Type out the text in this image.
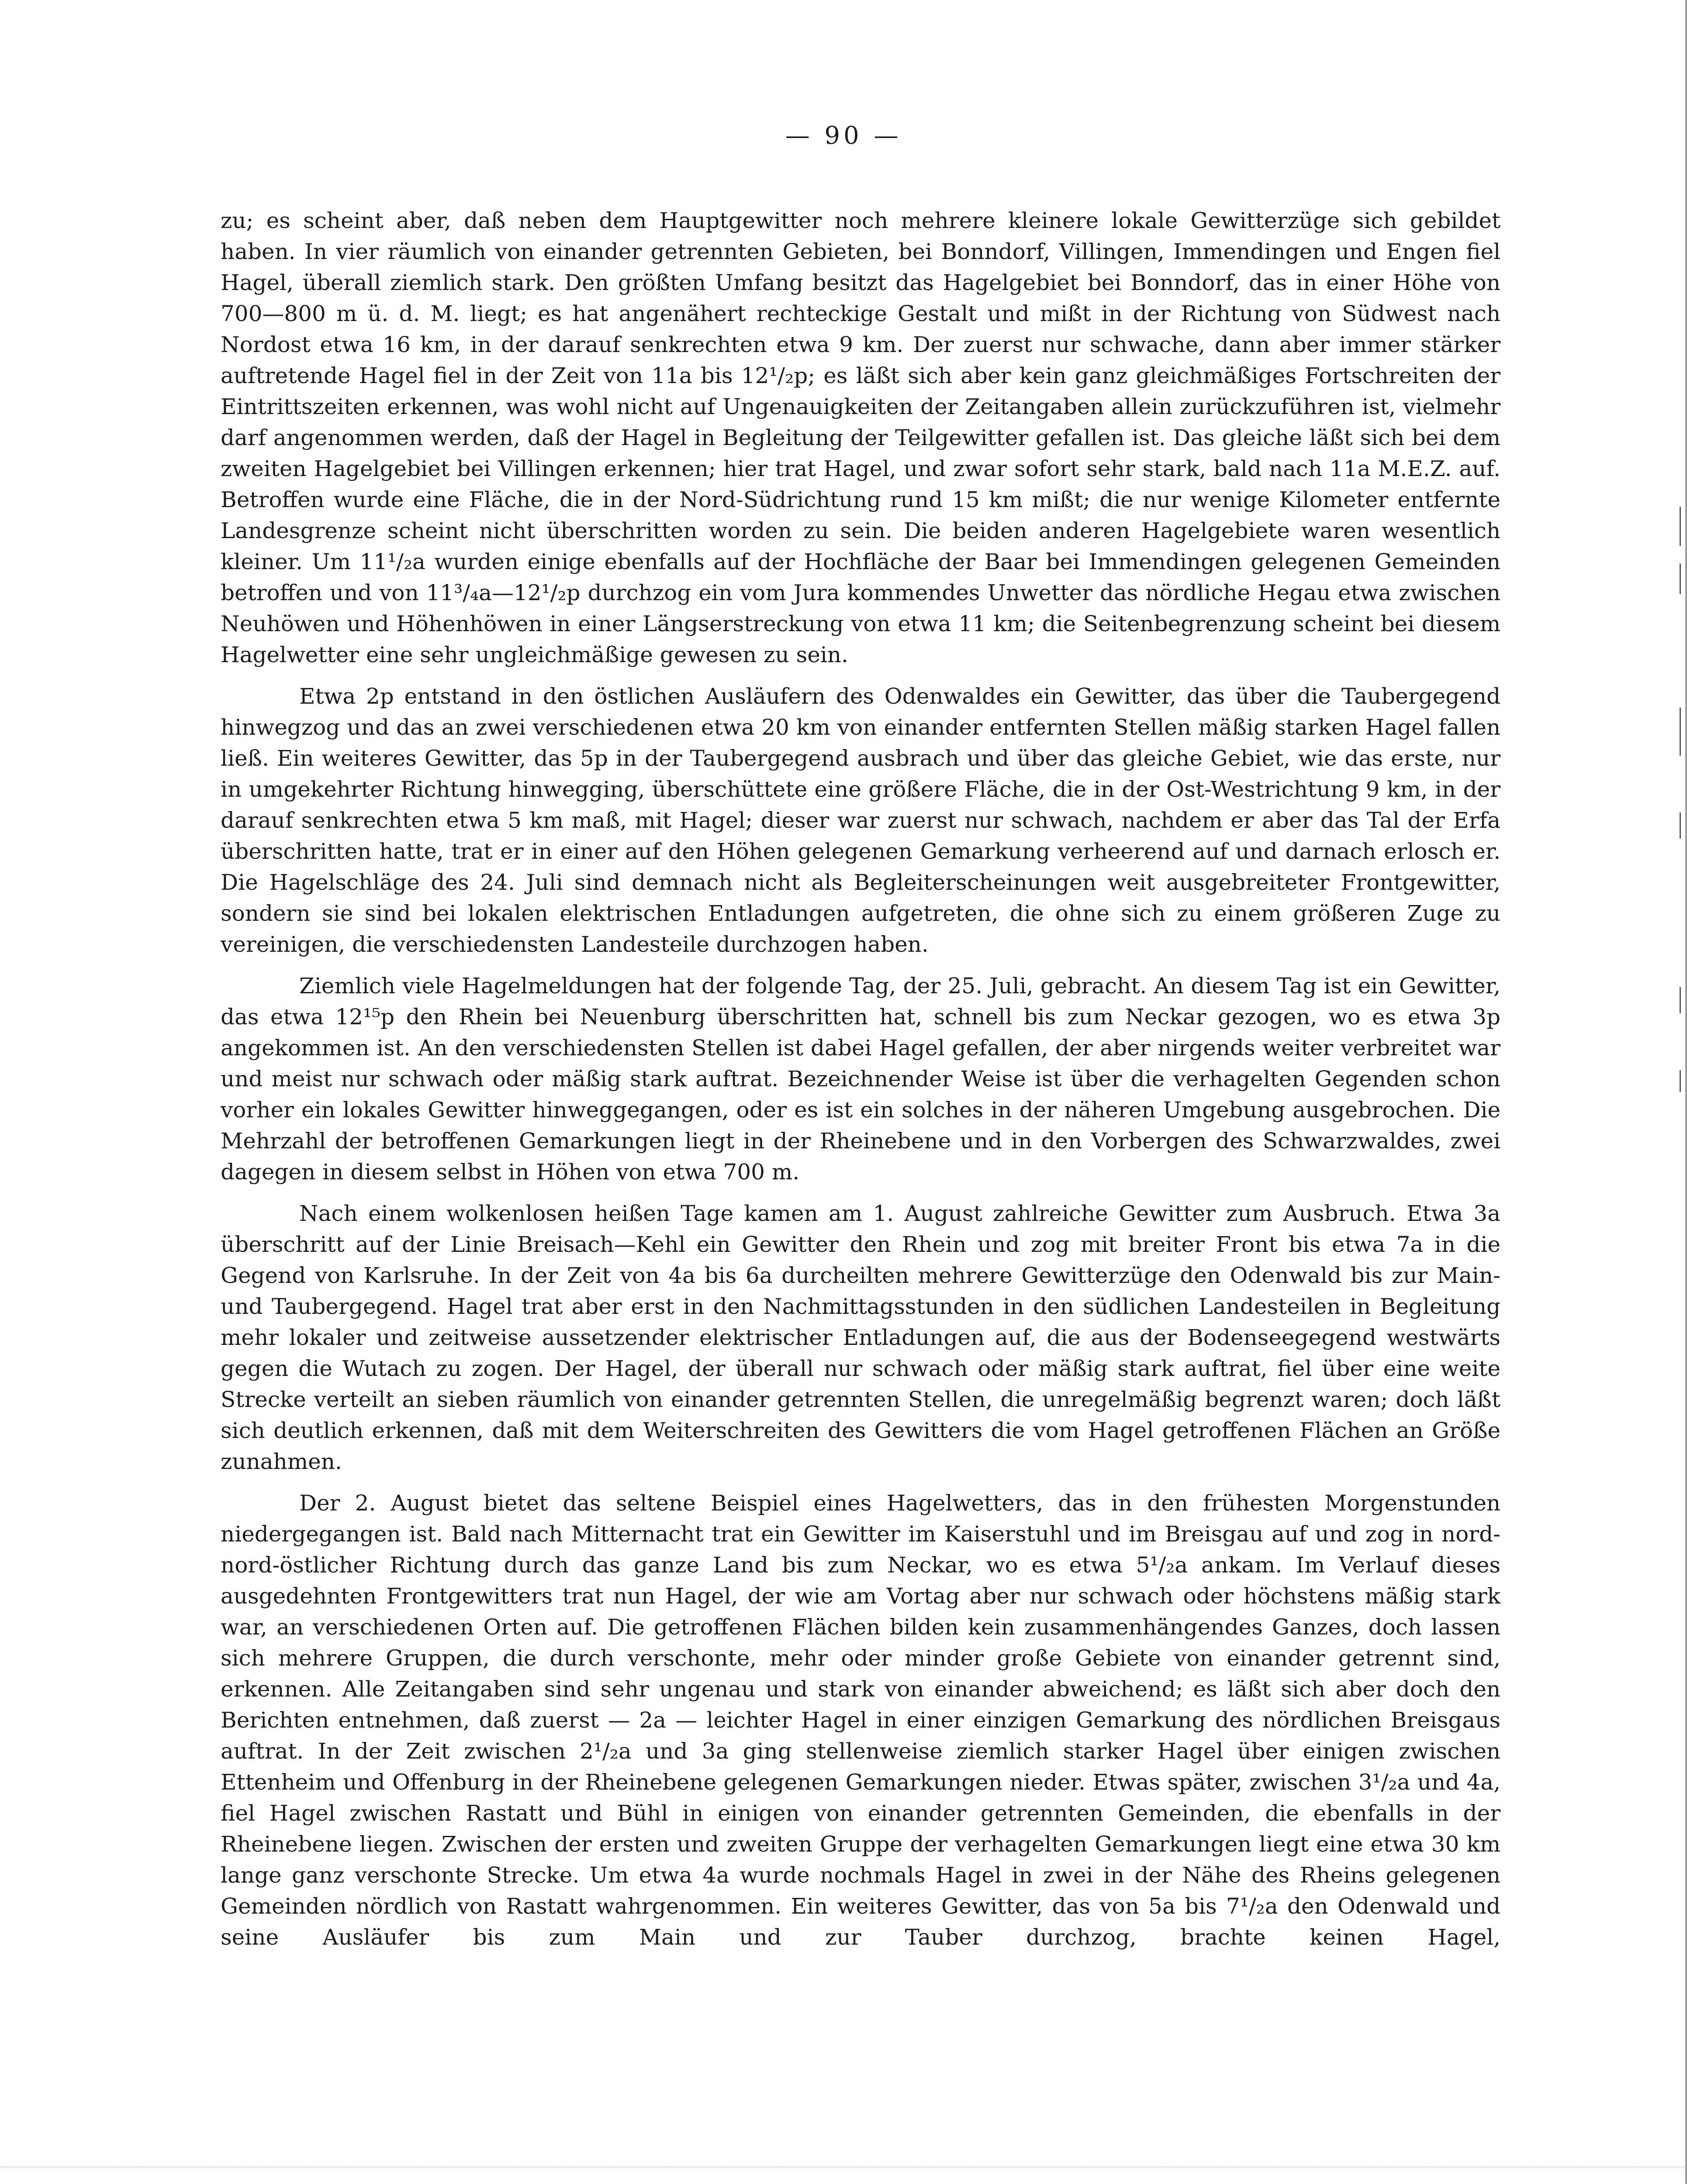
— 90 —

zu; es scheint aber, daß neben dem Hauptgewitter noch mehrere kleinere lokale Gewitterzüge sich gebildet haben. In vier räumlich von einander getrennten Gebieten, bei Bonndorf, Villingen, Immendingen und Engen fiel Hagel, überall ziemlich stark. Den größten Umfang besitzt das Hagelgebiet bei Bonndorf, das in einer Höhe von 700—800 m ü. d. M. liegt; es hat angenähert rechteckige Gestalt und mißt in der Richtung von Südwest nach Nordost etwa 16 km, in der darauf senkrechten etwa 9 km. Der zuerst nur schwache, dann aber immer stärker auftretende Hagel fiel in der Zeit von 11a bis 12¹/₂p; es läßt sich aber kein ganz gleichmäßiges Fortschreiten der Eintrittszeiten erkennen, was wohl nicht auf Ungenauigkeiten der Zeitangaben allein zurückzuführen ist, vielmehr darf angenommen werden, daß der Hagel in Begleitung der Teilgewitter gefallen ist. Das gleiche läßt sich bei dem zweiten Hagelgebiet bei Villingen erkennen; hier trat Hagel, und zwar sofort sehr stark, bald nach 11a M.E.Z. auf. Betroffen wurde eine Fläche, die in der Nord-Südrichtung rund 15 km mißt; die nur wenige Kilometer entfernte Landesgrenze scheint nicht überschritten worden zu sein. Die beiden anderen Hagelgebiete waren wesentlich kleiner. Um 11¹/₂a wurden einige ebenfalls auf der Hochfläche der Baar bei Immendingen gelegenen Gemeinden betroffen und von 11³/₄a—12¹/₂p durchzog ein vom Jura kommendes Unwetter das nördliche Hegau etwa zwischen Neuhöwen und Höhenhöwen in einer Längserstreckung von etwa 11 km; die Seitenbegrenzung scheint bei diesem Hagelwetter eine sehr ungleichmäßige gewesen zu sein.

Etwa 2p entstand in den östlichen Ausläufern des Odenwaldes ein Gewitter, das über die Taubergegend hinwegzog und das an zwei verschiedenen etwa 20 km von einander entfernten Stellen mäßig starken Hagel fallen ließ. Ein weiteres Gewitter, das 5p in der Taubergegend ausbrach und über das gleiche Gebiet, wie das erste, nur in umgekehrter Richtung hinwegging, überschüttete eine größere Fläche, die in der Ost-Westrichtung 9 km, in der darauf senkrechten etwa 5 km maß, mit Hagel; dieser war zuerst nur schwach, nachdem er aber das Tal der Erfa überschritten hatte, trat er in einer auf den Höhen gelegenen Gemarkung verheerend auf und darnach erlosch er. Die Hagelschläge des 24. Juli sind demnach nicht als Begleiterscheinungen weit ausgebreiteter Frontgewitter, sondern sie sind bei lokalen elektrischen Entladungen aufgetreten, die ohne sich zu einem größeren Zuge zu vereinigen, die verschiedensten Landesteile durchzogen haben.

Ziemlich viele Hagelmeldungen hat der folgende Tag, der 25. Juli, gebracht. An diesem Tag ist ein Gewitter, das etwa 12¹⁵p den Rhein bei Neuenburg überschritten hat, schnell bis zum Neckar gezogen, wo es etwa 3p angekommen ist. An den verschiedensten Stellen ist dabei Hagel gefallen, der aber nirgends weiter verbreitet war und meist nur schwach oder mäßig stark auftrat. Bezeichnender Weise ist über die verhagelten Gegenden schon vorher ein lokales Gewitter hinweggegangen, oder es ist ein solches in der näheren Umgebung ausgebrochen. Die Mehrzahl der betroffenen Gemarkungen liegt in der Rheinebene und in den Vorbergen des Schwarzwaldes, zwei dagegen in diesem selbst in Höhen von etwa 700 m.

Nach einem wolkenlosen heißen Tage kamen am 1. August zahlreiche Gewitter zum Ausbruch. Etwa 3a überschritt auf der Linie Breisach—Kehl ein Gewitter den Rhein und zog mit breiter Front bis etwa 7a in die Gegend von Karlsruhe. In der Zeit von 4a bis 6a durcheilten mehrere Gewitterzüge den Odenwald bis zur Main- und Taubergegend. Hagel trat aber erst in den Nachmittagsstunden in den südlichen Landesteilen in Begleitung mehr lokaler und zeitweise aussetzender elektrischer Entladungen auf, die aus der Bodenseegegend westwärts gegen die Wutach zu zogen. Der Hagel, der überall nur schwach oder mäßig stark auftrat, fiel über eine weite Strecke verteilt an sieben räumlich von einander getrennten Stellen, die unregelmäßig begrenzt waren; doch läßt sich deutlich erkennen, daß mit dem Weiterschreiten des Gewitters die vom Hagel getroffenen Flächen an Größe zunahmen.

Der 2. August bietet das seltene Beispiel eines Hagelwetters, das in den frühesten Morgenstunden niedergegangen ist. Bald nach Mitternacht trat ein Gewitter im Kaiserstuhl und im Breisgau auf und zog in nord-nord-östlicher Richtung durch das ganze Land bis zum Neckar, wo es etwa 5¹/₂a ankam. Im Verlauf dieses ausgedehnten Frontgewitters trat nun Hagel, der wie am Vortag aber nur schwach oder höchstens mäßig stark war, an verschiedenen Orten auf. Die getroffenen Flächen bilden kein zusammenhängendes Ganzes, doch lassen sich mehrere Gruppen, die durch verschonte, mehr oder minder große Gebiete von einander getrennt sind, erkennen. Alle Zeitangaben sind sehr ungenau und stark von einander abweichend; es läßt sich aber doch den Berichten entnehmen, daß zuerst — 2a — leichter Hagel in einer einzigen Gemarkung des nördlichen Breisgaus auftrat. In der Zeit zwischen 2¹/₂a und 3a ging stellenweise ziemlich starker Hagel über einigen zwischen Ettenheim und Offenburg in der Rheinebene gelegenen Gemarkungen nieder. Etwas später, zwischen 3¹/₂a und 4a, fiel Hagel zwischen Rastatt und Bühl in einigen von einander getrennten Gemeinden, die ebenfalls in der Rheinebene liegen. Zwischen der ersten und zweiten Gruppe der verhagelten Gemarkungen liegt eine etwa 30 km lange ganz verschonte Strecke. Um etwa 4a wurde nochmals Hagel in zwei in der Nähe des Rheins gelegenen Gemeinden nördlich von Rastatt wahrgenommen. Ein weiteres Gewitter, das von 5a bis 7¹/₂a den Odenwald und seine Ausläufer bis zum Main und zur Tauber durchzog, brachte keinen Hagel,
